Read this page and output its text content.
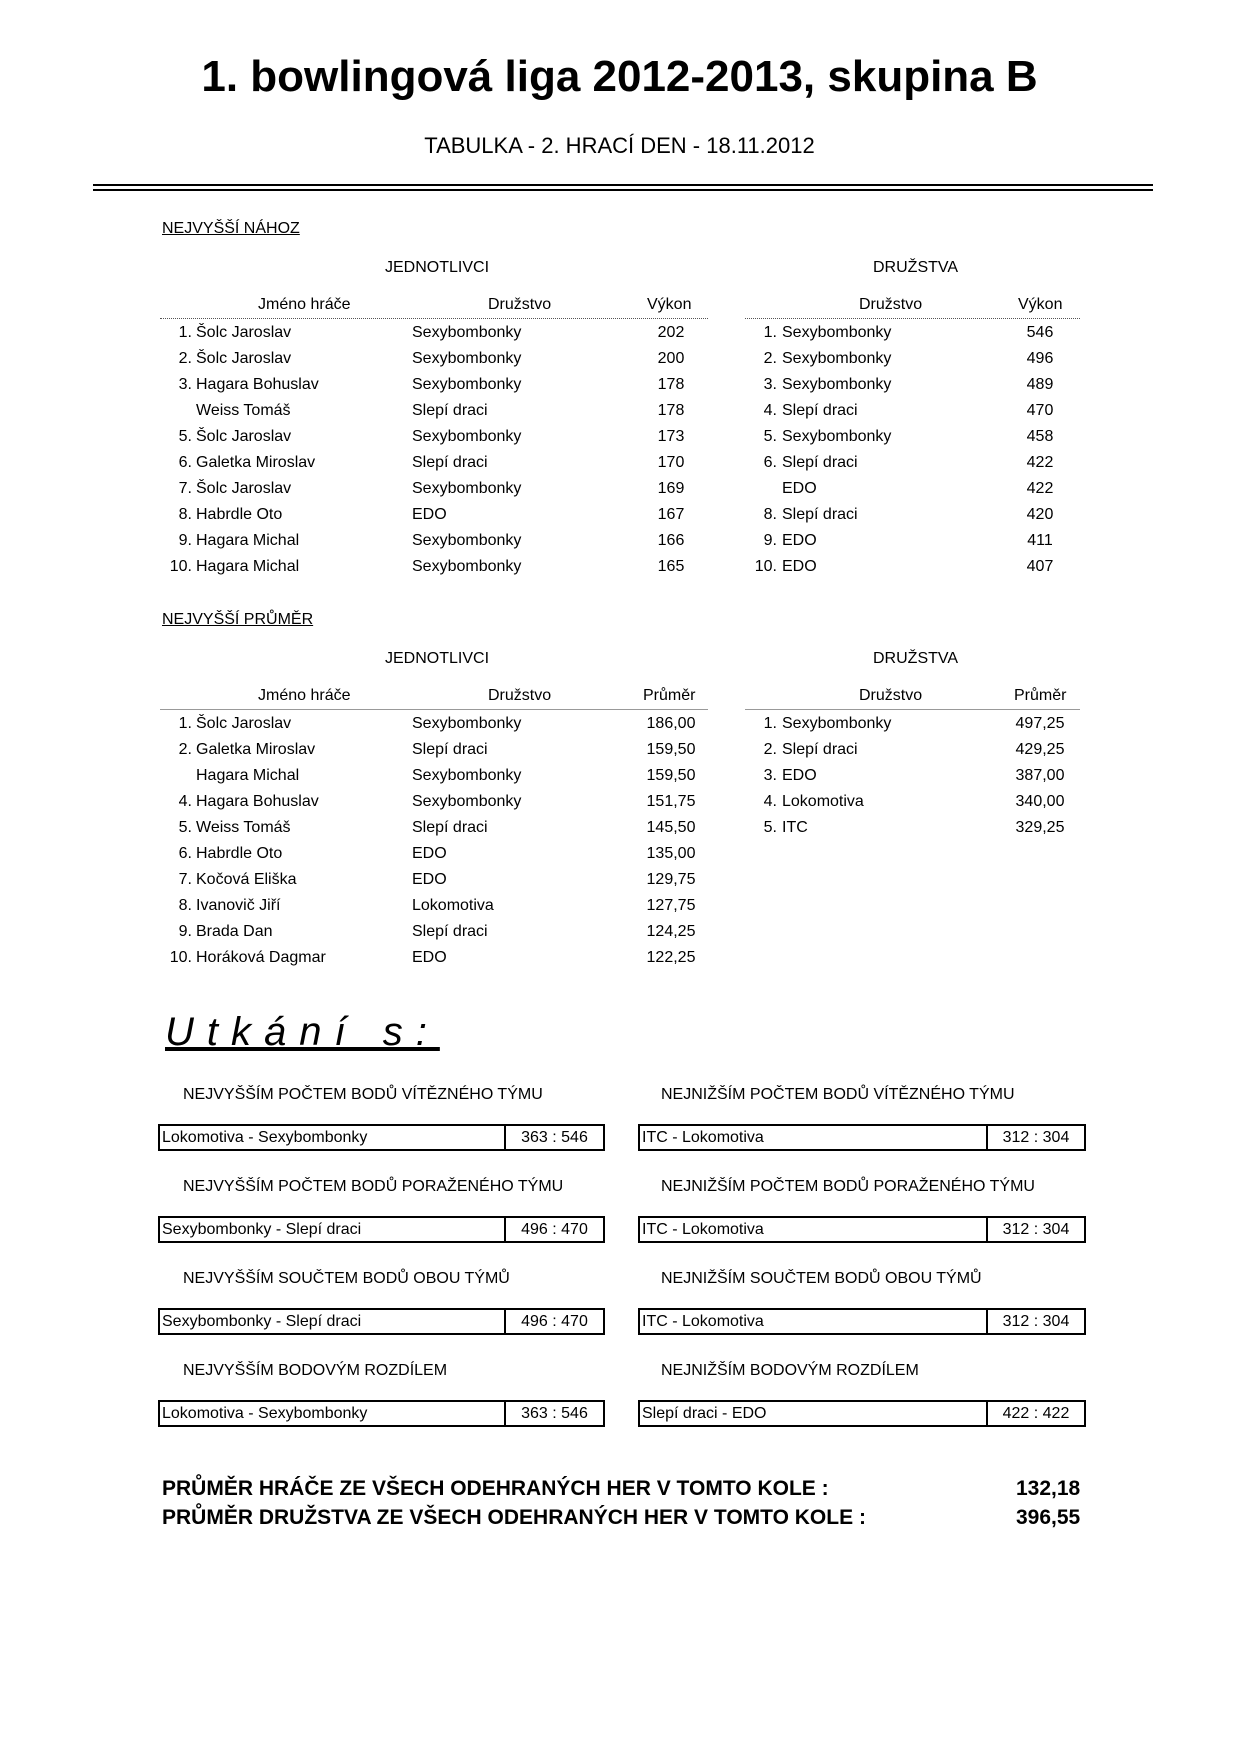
1. bowlingová liga 2012-2013, skupina B
TABULKA - 2. HRACÍ DEN - 18.11.2012
NEJVYŠŠÍ NÁHOZ
JEDNOTLIVCI	DRUŽSTVA
Jméno hráče	Družstvo	Výkon	Družstvo	Výkon
1. Šolc Jaroslav	Sexybombonky	202
2. Šolc Jaroslav	Sexybombonky	200
3. Hagara Bohuslav	Sexybombonky	178
Weiss Tomáš	Slepí draci	178
5. Šolc Jaroslav	Sexybombonky	173
6. Galetka Miroslav	Slepí draci	170
7. Šolc Jaroslav	Sexybombonky	169
8. Habrdle Oto	EDO	167
9. Hagara Michal	Sexybombonky	166
10. Hagara Michal	Sexybombonky	165
1. Sexybombonky	546
2. Sexybombonky	496
3. Sexybombonky	489
4. Slepí draci	470
5. Sexybombonky	458
6. Slepí draci	422
EDO	422
8. Slepí draci	420
9. EDO	411
10. EDO	407
NEJVYŠŠÍ PRŮMĚR
JEDNOTLIVCI	DRUŽSTVA
Jméno hráče	Družstvo	Průměr	Družstvo	Průměr
1. Šolc Jaroslav	Sexybombonky	186,00
2. Galetka Miroslav	Slepí draci	159,50
Hagara Michal	Sexybombonky	159,50
4. Hagara Bohuslav	Sexybombonky	151,75
5. Weiss Tomáš	Slepí draci	145,50
6. Habrdle Oto	EDO	135,00
7. Kočová Eliška	EDO	129,75
8. Ivanovič Jiří	Lokomotiva	127,75
9. Brada Dan	Slepí draci	124,25
10. Horáková Dagmar	EDO	122,25
1. Sexybombonky	497,25
2. Slepí draci	429,25
3. EDO	387,00
4. Lokomotiva	340,00
5. ITC	329,25
Utkání s:
NEJVYŠŠÍM POČTEM BODŮ VÍTĚZNÉHO TÝMU
Lokomotiva - Sexybombonky	363 : 546
NEJNIŽŠÍM POČTEM BODŮ VÍTĚZNÉHO TÝMU
ITC - Lokomotiva	312 : 304
NEJVYŠŠÍM POČTEM BODŮ PORAŽENÉHO TÝMU
Sexybombonky - Slepí draci	496 : 470
NEJNIŽŠÍM POČTEM BODŮ PORAŽENÉHO TÝMU
ITC - Lokomotiva	312 : 304
NEJVYŠŠÍM SOUČTEM BODŮ OBOU TÝMŮ
Sexybombonky - Slepí draci	496 : 470
NEJNIŽŠÍM SOUČTEM BODŮ OBOU TÝMŮ
ITC - Lokomotiva	312 : 304
NEJVYŠŠÍM BODOVÝM ROZDÍLEM
Lokomotiva - Sexybombonky	363 : 546
NEJNIŽŠÍM BODOVÝM ROZDÍLEM
Slepí draci - EDO	422 : 422
PRŮMĚR HRÁČE ZE VŠECH ODEHRANÝCH HER V TOMTO KOLE :	132,18
PRŮMĚR DRUŽSTVA ZE VŠECH ODEHRANÝCH HER V TOMTO KOLE :	396,55
